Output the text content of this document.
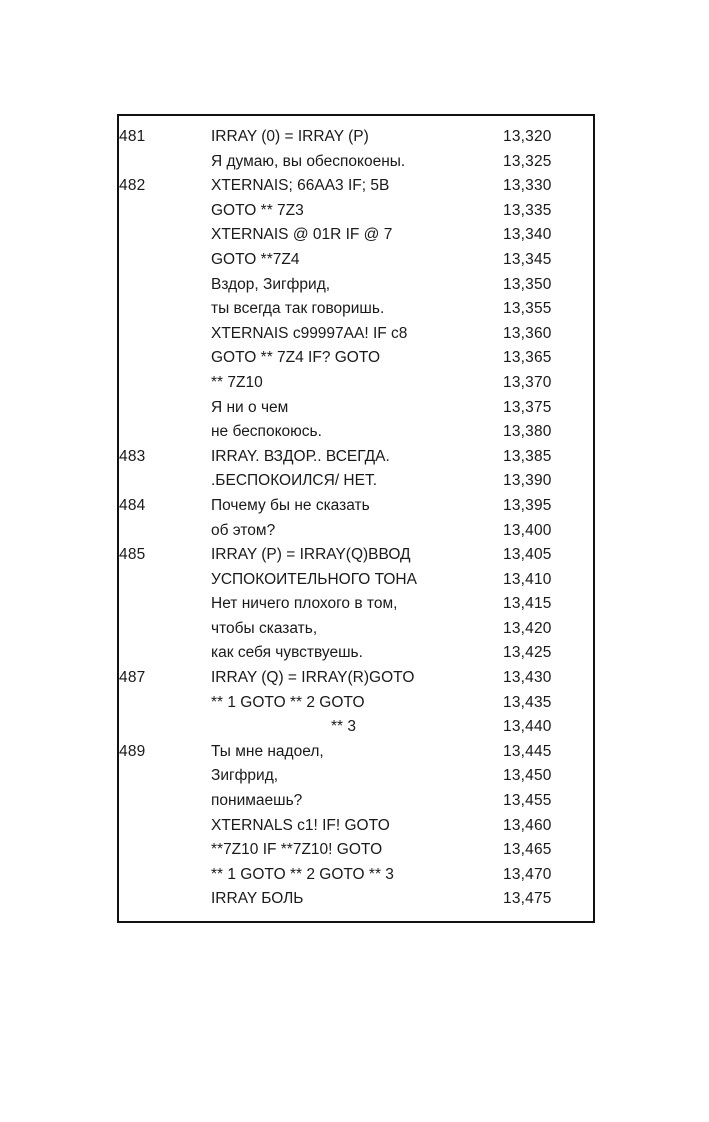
481	IRRAY (0) = IRRAY (P)	13,320
	Я думаю, вы обеспокоены.	13,325
482	XTERNAIS; 66AA3 IF; 5B	13,330
	GOTO ** 7Z3	13,335
	XTERNAIS @ 01R IF @ 7	13,340
	GOTO **7Z4	13,345
	Вздор, Зигфрид,	13,350
	ты всегда так говоришь.	13,355
	XTERNAIS c99997AA! IF c8	13,360
	GOTO ** 7Z4 IF? GOTO	13,365
	** 7Z10	13,370
	Я ни о чем	13,375
	не беспокоюсь.	13,380
483	IRRAY. ВЗДОР.. ВСЕГДА.	13,385
	.БЕСПОКОИЛСЯ/ НЕТ.	13,390
484	Почему бы не сказать	13,395
	об этом?	13,400
485	IRRAY (P) = IRRAY(Q)ВВОД	13,405
	УСПОКОИТЕЛЬНОГО ТОНА	13,410
	Нет ничего плохого в том,	13,415
	чтобы сказать,	13,420
	как себя чувствуешь.	13,425
487	IRRAY (Q) = IRRAY(R)GOTO	13,430
	** 1 GOTO ** 2 GOTO	13,435
	** 3	13,440
489	Ты мне надоел,	13,445
	Зигфрид,	13,450
	понимаешь?	13,455
	XTERNALS c1! IF! GOTO	13,460
	**7Z10 IF **7Z10! GOTO	13,465
	** 1 GOTO ** 2 GOTO ** 3	13,470
	IRRAY БОЛЬ	13,475
